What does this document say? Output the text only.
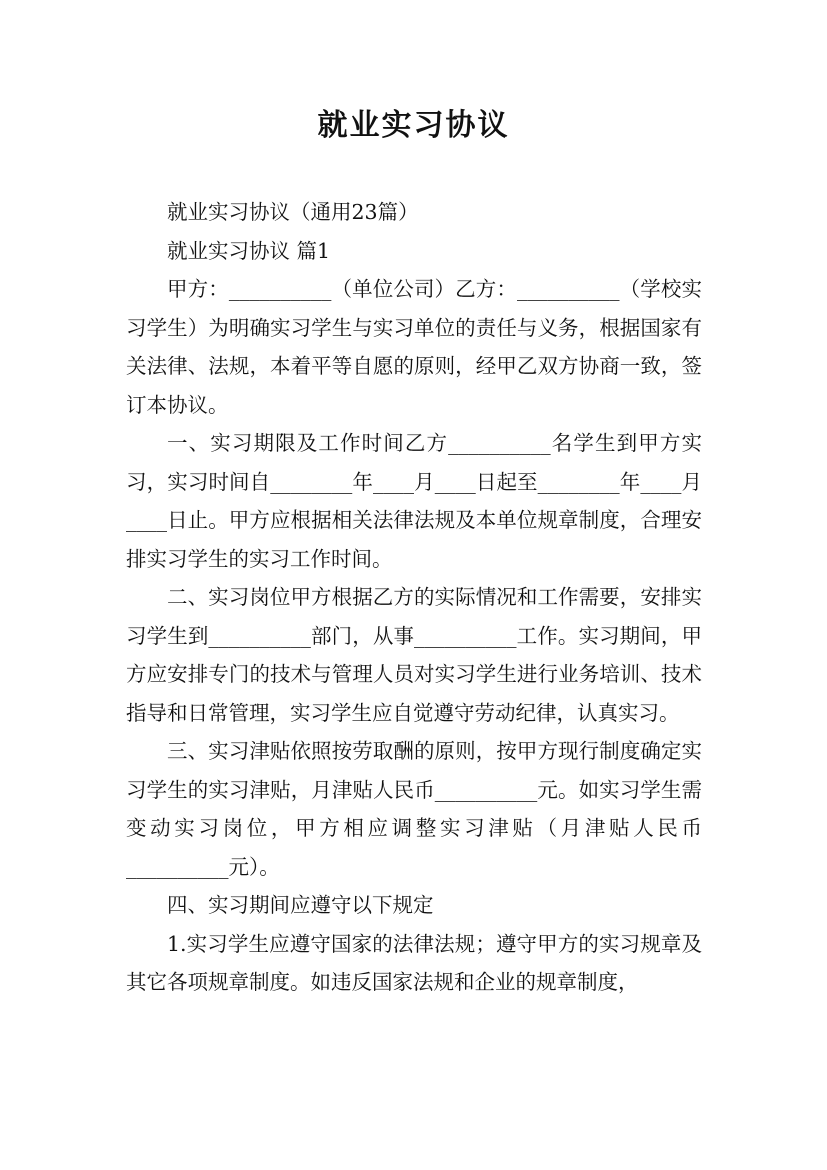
就业实习协议

就业实习协议（通用23篇）

就业实习协议 篇1

甲方：__________（单位公司）乙方：__________（学校实习学生）为明确实习学生与实习单位的责任与义务，根据国家有关法律、法规，本着平等自愿的原则，经甲乙双方协商一致，签订本协议。

一、实习期限及工作时间乙方__________名学生到甲方实习，实习时间自________年____月____日起至________年____月____日止。甲方应根据相关法律法规及本单位规章制度，合理安排实习学生的实习工作时间。

二、实习岗位甲方根据乙方的实际情况和工作需要，安排实习学生到__________部门，从事__________工作。实习期间，甲方应安排专门的技术与管理人员对实习学生进行业务培训、技术指导和日常管理，实习学生应自觉遵守劳动纪律，认真实习。

三、实习津贴依照按劳取酬的原则，按甲方现行制度确定实习学生的实习津贴，月津贴人民币__________元。如实习学生需变动实习岗位，甲方相应调整实习津贴（月津贴人民币__________元）。

四、实习期间应遵守以下规定

1.实习学生应遵守国家的法律法规；遵守甲方的实习规章及其它各项规章制度。如违反国家法规和企业的规章制度，
